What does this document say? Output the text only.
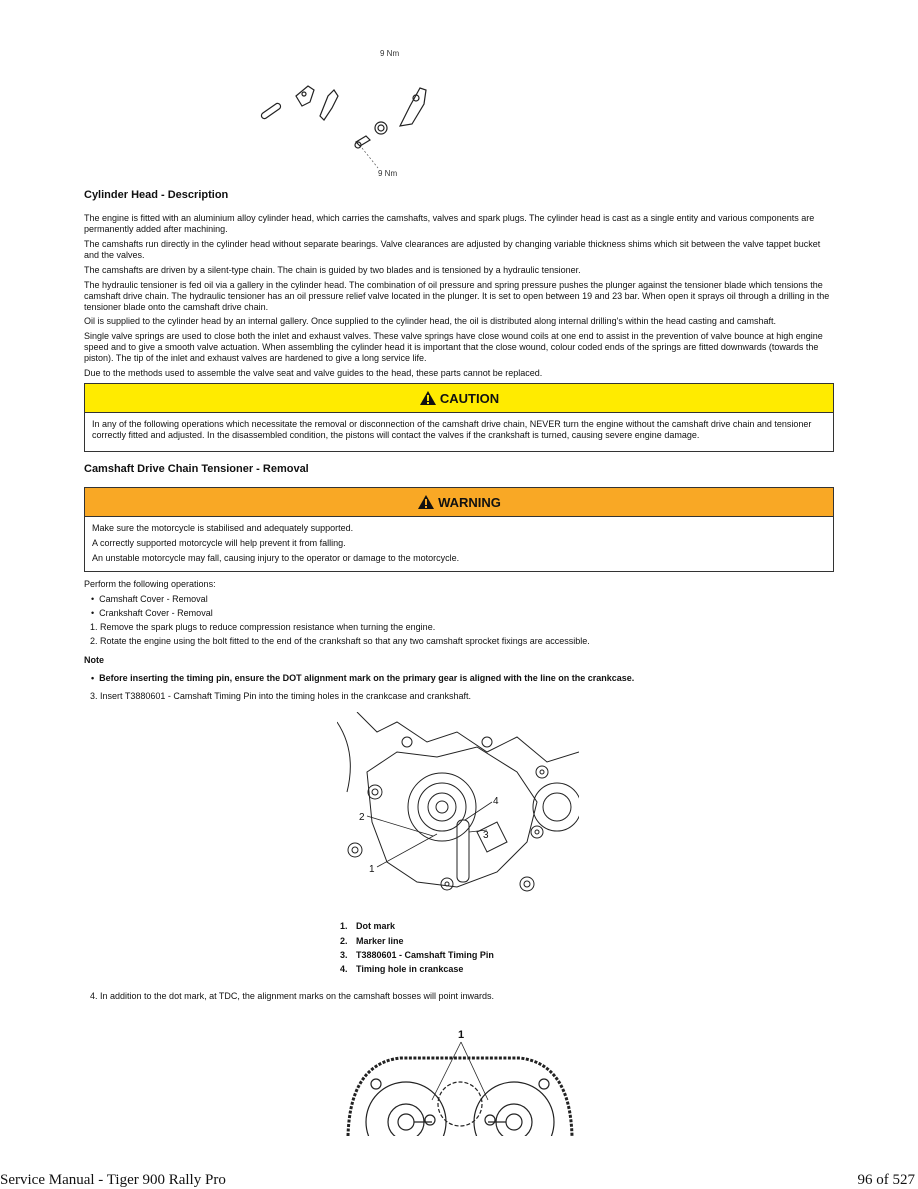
9 Nm
9 Nm
Cylinder Head - Description

The engine is fitted with an aluminium alloy cylinder head, which carries the camshafts, valves and spark plugs. The cylinder head is cast as a single entity and various components are permanently added after machining.

The camshafts run directly in the cylinder head without separate bearings. Valve clearances are adjusted by changing variable thickness shims which sit between the valve tappet bucket and the valves.

The camshafts are driven by a silent-type chain. The chain is guided by two blades and is tensioned by a hydraulic tensioner.

The hydraulic tensioner is fed oil via a gallery in the cylinder head. The combination of oil pressure and spring pressure pushes the plunger against the tensioner blade which tensions the camshaft drive chain. The hydraulic tensioner has an oil pressure relief valve located in the plunger. It is set to open between 19 and 23 bar. When open it sprays oil through a drilling in the tensioner blade onto the camshaft drive chain.

Oil is supplied to the cylinder head by an internal gallery. Once supplied to the cylinder head, the oil is distributed along internal drilling's within the head casting and camshaft.

Single valve springs are used to close both the inlet and exhaust valves. These valve springs have close wound coils at one end to assist in the prevention of valve bounce at high engine speed and to give a smooth valve actuation. When assembling the cylinder head it is important that the close wound, colour coded ends of the springs are fitted downwards (towards the piston). The tip of the inlet and exhaust valves are hardened to give a long service life.

Due to the methods used to assemble the valve seat and valve guides to the head, these parts cannot be replaced.

CAUTION
In any of the following operations which necessitate the removal or disconnection of the camshaft drive chain, NEVER turn the engine without the camshaft drive chain and tensioner correctly fitted and adjusted. In the disassembled condition, the pistons will contact the valves if the crankshaft is turned, causing severe engine damage.
Camshaft Drive Chain Tensioner - Removal
WARNING

Make sure the motorcycle is stabilised and adequately supported.

A correctly supported motorcycle will help prevent it from falling.

An unstable motorcycle may fall, causing injury to the operator or damage to the motorcycle.

Perform the following operations:
•  Camshaft Cover - Removal
•  Crankshaft Cover - Removal
1. Remove the spark plugs to reduce compression resistance when turning the engine.
2. Rotate the engine using the bolt fitted to the end of the crankshaft so that any two camshaft sprocket fixings are accessible.
Note
•  Before inserting the timing pin, ensure the DOT alignment mark on the primary gear is aligned with the line on the crankcase.
3. Insert T3880601 - Camshaft Timing Pin into the timing holes in the crankcase and crankshaft.
1
2
3
4
1. Dot mark
2. Marker line
3. T3880601 - Camshaft Timing Pin
4. Timing hole in crankcase
4. In addition to the dot mark, at TDC, the alignment marks on the camshaft bosses will point inwards.
1
Service Manual - Tiger 900 Rally Pro	96 of 527
